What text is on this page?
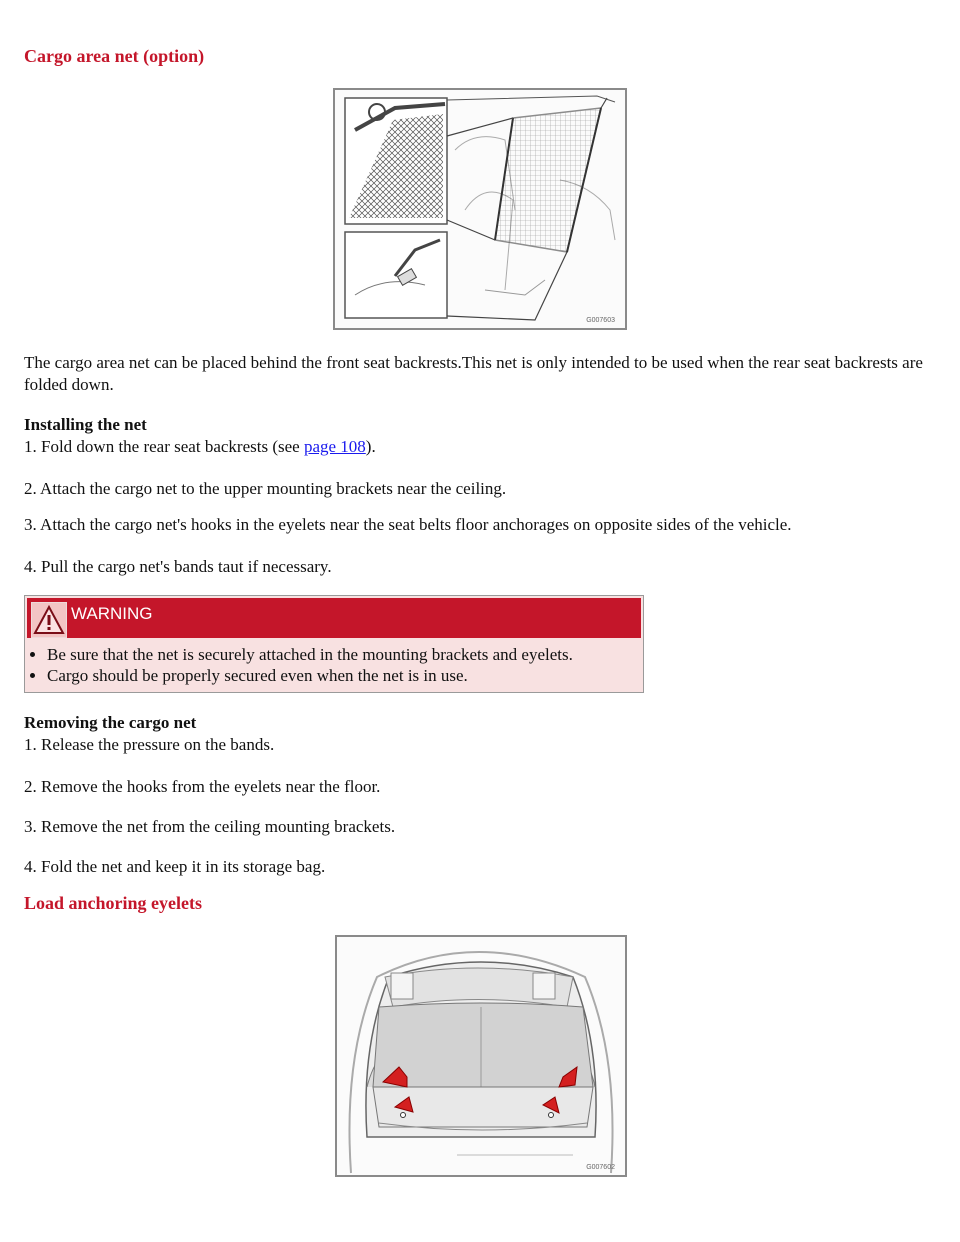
Cargo area net (option)
G007603
The cargo area net can be placed behind the front seat backrests.This net is only intended to be used when the rear seat backrests are folded down.
Installing the net
1. Fold down the rear seat backrests (see page 108).
2. Attach the cargo net to the upper mounting brackets near the ceiling.
3. Attach the cargo net's hooks in the eyelets near the seat belts floor anchorages on opposite sides of the vehicle.
4. Pull the cargo net's bands taut if necessary.
WARNING
• Be sure that the net is securely attached in the mounting brackets and eyelets.
• Cargo should be properly secured even when the net is in use.
Removing the cargo net
1. Release the pressure on the bands.
2. Remove the hooks from the eyelets near the floor.
3. Remove the net from the ceiling mounting brackets.
4. Fold the net and keep it in its storage bag.
Load anchoring eyelets
G007602
